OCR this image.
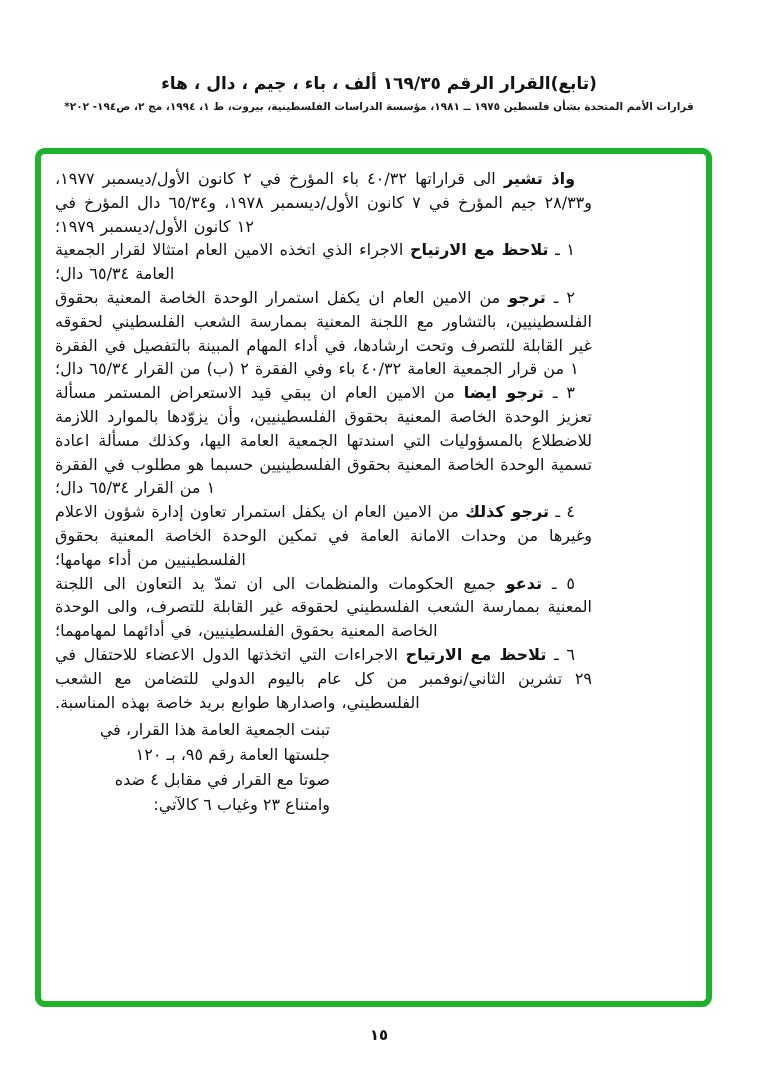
(تابع)القرار الرقم ١٦٩/٣٥ ألف ، باء ، جيم ، دال ، هاء
قرارات الأمم المتحدة بشأن فلسطين ١٩٧٥ ــ ١٩٨١، مؤسسة الدراسات الفلسطينية، بيروت، ط ١، ١٩٩٤، مج ٢، ص١٩٤- ٢٠٢*

واذ تشير الى قراراتها ٤٠/٣٢ باء المؤرخ في ٢ كانون الأول/ديسمبر ١٩٧٧، و٢٨/٣٣ جيم المؤرخ في ٧ كانون الأول/ديسمبر ١٩٧٨، و٦٥/٣٤ دال المؤرخ في ١٢ كانون الأول/ديسمبر ١٩٧٩؛

١ ـ تلاحظ مع الارتياح الاجراء الذي اتخذه الامين العام امتثالا لقرار الجمعية العامة ٦٥/٣٤ دال؛

٢ ـ ترجو من الامين العام ان يكفل استمرار الوحدة الخاصة المعنية بحقوق الفلسطينيين، بالتشاور مع اللجنة المعنية بممارسة الشعب الفلسطيني لحقوقه غير القابلة للتصرف وتحت ارشادها، في أداء المهام المبينة بالتفصيل في الفقرة ١ من قرار الجمعية العامة ٤٠/٣٢ باء وفي الفقرة ٢ (ب) من القرار ٦٥/٣٤ دال؛

٣ ـ ترجو ايضا من الامين العام ان يبقي قيد الاستعراض المستمر مسألة تعزيز الوحدة الخاصة المعنية بحقوق الفلسطينيين، وأن يزوّدها بالموارد اللازمة للاضطلاع بالمسؤوليات التي اسندتها الجمعية العامة اليها، وكذلك مسألة اعادة تسمية الوحدة الخاصة المعنية بحقوق الفلسطينيين حسبما هو مطلوب في الفقرة ١ من القرار ٦٥/٣٤ دال؛

٤ ـ ترجو كذلك من الامين العام ان يكفل استمرار تعاون إدارة شؤون الاعلام وغيرها من وحدات الامانة العامة في تمكين الوحدة الخاصة المعنية بحقوق الفلسطينيين من أداء مهامها؛

٥ ـ تدعو جميع الحكومات والمنظمات الى ان تمدّ يد التعاون الى اللجنة المعنية بممارسة الشعب الفلسطيني لحقوقه غير القابلة للتصرف، والى الوحدة الخاصة المعنية بحقوق الفلسطينيين، في أدائهما لمهامهما؛

٦ ـ تلاحظ مع الارتياح الاجراءات التي اتخذتها الدول الاعضاء للاحتفال في ٢٩ تشرين الثاني/نوفمبر من كل عام باليوم الدولي للتضامن مع الشعب الفلسطيني، واصدارها طوابع بريد خاصة بهذه المناسبة.

تبنت الجمعية العامة هذا القرار، في
جلستها العامة رقم ٩٥، بـ ١٢٠
صوتا مع القرار في مقابل ٤ ضده
وامتناع ٢٣ وغياب ٦ كالآتي:
١٥
